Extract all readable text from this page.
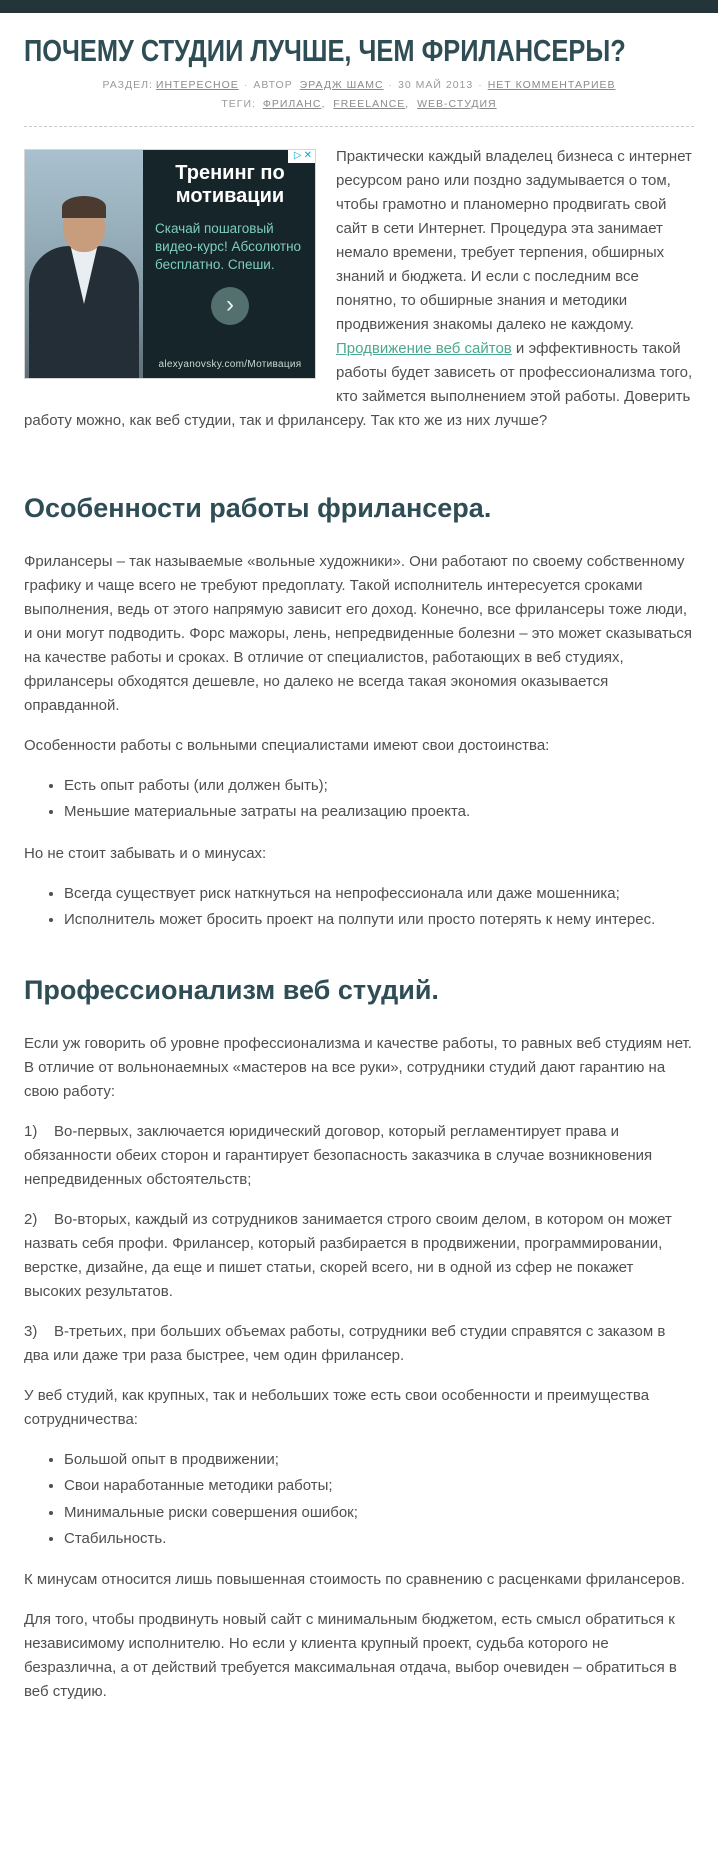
ПОЧЕМУ СТУДИИ ЛУЧШЕ, ЧЕМ ФРИЛАНСЕРЫ?
РАЗДЕЛ: ИНТЕРЕСНОЕ · АВТОР ЭРАДЖ ШАМС · 30 МАЙ 2013 · НЕТ КОММЕНТАРИЕВ
ТЕГИ: ФРИЛАНС, FREELANCE, WEB-СТУДИЯ
Тренинг по мотивации
Скачай пошаговый
видео-курс! Абсолютно
бесплатно. Спеши.
›
alexyanovsky.com/Мотивация
▷ ✕	Практически каждый владелец бизнеса с интернет ресурсом рано или поздно задумывается о том, чтобы грамотно и планомерно продвигать свой сайт в сети Интернет. Процедура эта занимает немало времени, требует терпения, обширных знаний и бюджета. И если с последним все понятно, то обширные знания и методики продвижения знакомы далеко не каждому. Продвижение веб сайтов и эффективность такой работы будет зависеть от профессионализма того, кто займется выполнением этой работы. Доверить работу можно, как веб студии, так и фрилансеру. Так кто же из них лучше?

Особенности работы фрилансера.

Фрилансеры – так называемые «вольные художники». Они работают по своему собственному графику и чаще всего не требуют предоплату. Такой исполнитель интересуется сроками выполнения, ведь от этого напрямую зависит его доход. Конечно, все фрилансеры тоже люди, и они могут подводить. Форс мажоры, лень, непредвиденные болезни – это может сказываться на качестве работы и сроках. В отличие от специалистов, работающих в веб студиях, фрилансеры обходятся дешевле, но далеко не всегда такая экономия оказывается оправданной.

Особенности работы с вольными специалистами имеют свои достоинства:

• Есть опыт работы (или должен быть);
• Меньшие материальные затраты на реализацию проекта.

Но не стоит забывать и о минусах:

• Всегда существует риск наткнуться на непрофессионала или даже мошенника;
• Исполнитель может бросить проект на полпути или просто потерять к нему интерес.
Профессионализм веб студий.

Если уж говорить об уровне профессионализма и качестве работы, то равных веб студиям нет. В отличие от вольнонаемных «мастеров на все руки», сотрудники студий дают гарантию на свою работу:

1)    Во-первых, заключается юридический договор, который регламентирует права и обязанности обеих сторон и гарантирует безопасность заказчика в случае возникновения непредвиденных обстоятельств;

2)    Во-вторых, каждый из сотрудников занимается строго своим делом, в котором он может назвать себя профи. Фрилансер, который разбирается в продвижении, программировании, верстке, дизайне, да еще и пишет статьи, скорей всего, ни в одной из сфер не покажет высоких результатов.

3)    В-третьих, при больших объемах работы, сотрудники веб студии справятся с заказом в два или даже три раза быстрее, чем один фрилансер.

У веб студий, как крупных, так и небольших тоже есть свои особенности и преимущества сотрудничества:

• Большой опыт в продвижении;
• Свои наработанные методики работы;
• Минимальные риски совершения ошибок;
• Стабильность.

К минусам относится лишь повышенная стоимость по сравнению с расценками фрилансеров.

Для того, чтобы продвинуть новый сайт с минимальным бюджетом, есть смысл обратиться к независимому исполнителю. Но если у клиента крупный проект, судьба которого не безразлична, а от действий требуется максимальная отдача, выбор очевиден – обратиться в веб студию.
